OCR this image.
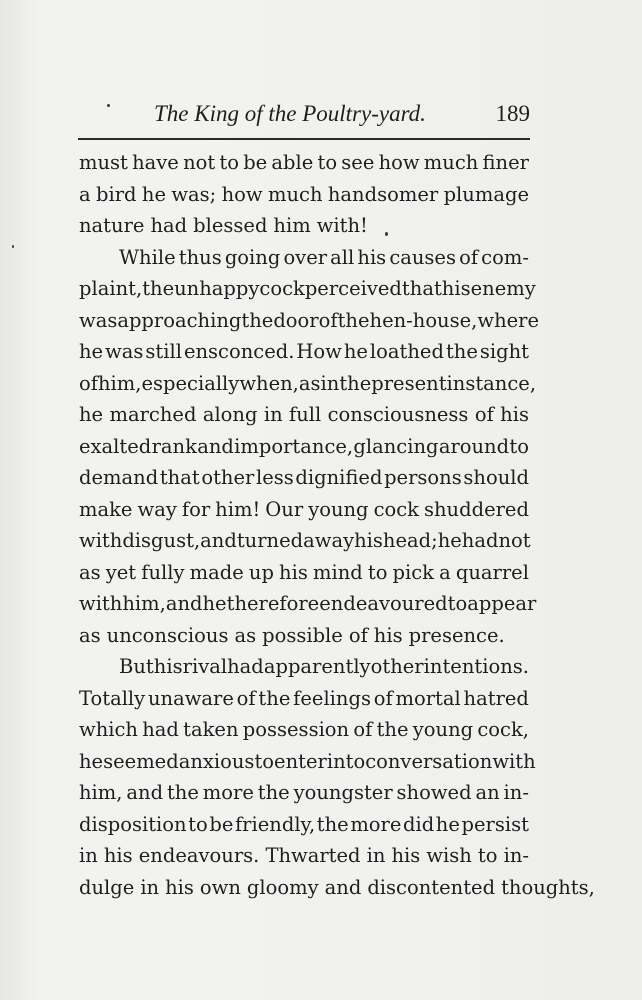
The King of the Poultry-yard.	189
must have not to be able to see how much finer
a bird he was; how much handsomer plumage
nature had blessed him with!
While thus going over all his causes of com-
plaint, the unhappy cock perceived that his enemy
was approaching the door of the hen-house, where
he was still ensconced. How he loathed the sight
of him, especially when, as in the present instance,
he marched along in full consciousness of his
exalted rank and importance, glancing around to
demand that other less dignified persons should
make way for him! Our young cock shuddered
with disgust, and turned away his head; he had not
as yet fully made up his mind to pick a quarrel
with him, and he therefore endeavoured to appear
as unconscious as possible of his presence.
But his rival had apparently other intentions.
Totally unaware of the feelings of mortal hatred
which had taken possession of the young cock,
he seemed anxious to enter into conversation with
him, and the more the youngster showed an in-
disposition to be friendly, the more did he persist
in his endeavours. Thwarted in his wish to in-
dulge in his own gloomy and discontented thoughts,
